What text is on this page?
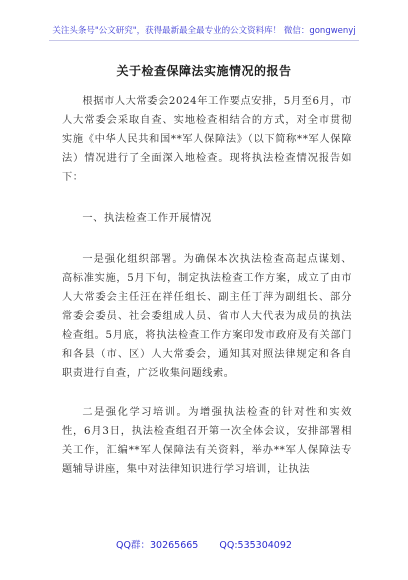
关注头条号"公文研究"，获得最新最全最专业的公文资料库！ 微信：gongwenyj
关于检查保障法实施情况的报告

根据市人大常委会2024年工作要点安排，5月至6月，市人大常委会采取自查、实地检查相结合的方式，对全市贯彻实施《中华人民共和国**军人保障法》（以下简称**军人保障法）情况进行了全面深入地检查。现将执法检查情况报告如下：

一、执法检查工作开展情况

一是强化组织部署。为确保本次执法检查高起点谋划、高标准实施，5月下旬，制定执法检查工作方案，成立了由市人大常委会主任汪在祥任组长、副主任丁萍为副组长、部分常委会委员、社会委组成人员、省市人大代表为成员的执法检查组。5月底，将执法检查工作方案印发市政府及有关部门和各县（市、区）人大常委会，通知其对照法律规定和各自职责进行自查，广泛收集问题线索。

二是强化学习培训。为增强执法检查的针对性和实效性，6月3日，执法检查组召开第一次全体会议，安排部署相关工作，汇编**军人保障法有关资料，举办**军人保障法专题辅导讲座，集中对法律知识进行学习培训，让执法

QQ群：30265665 QQ:535304092
